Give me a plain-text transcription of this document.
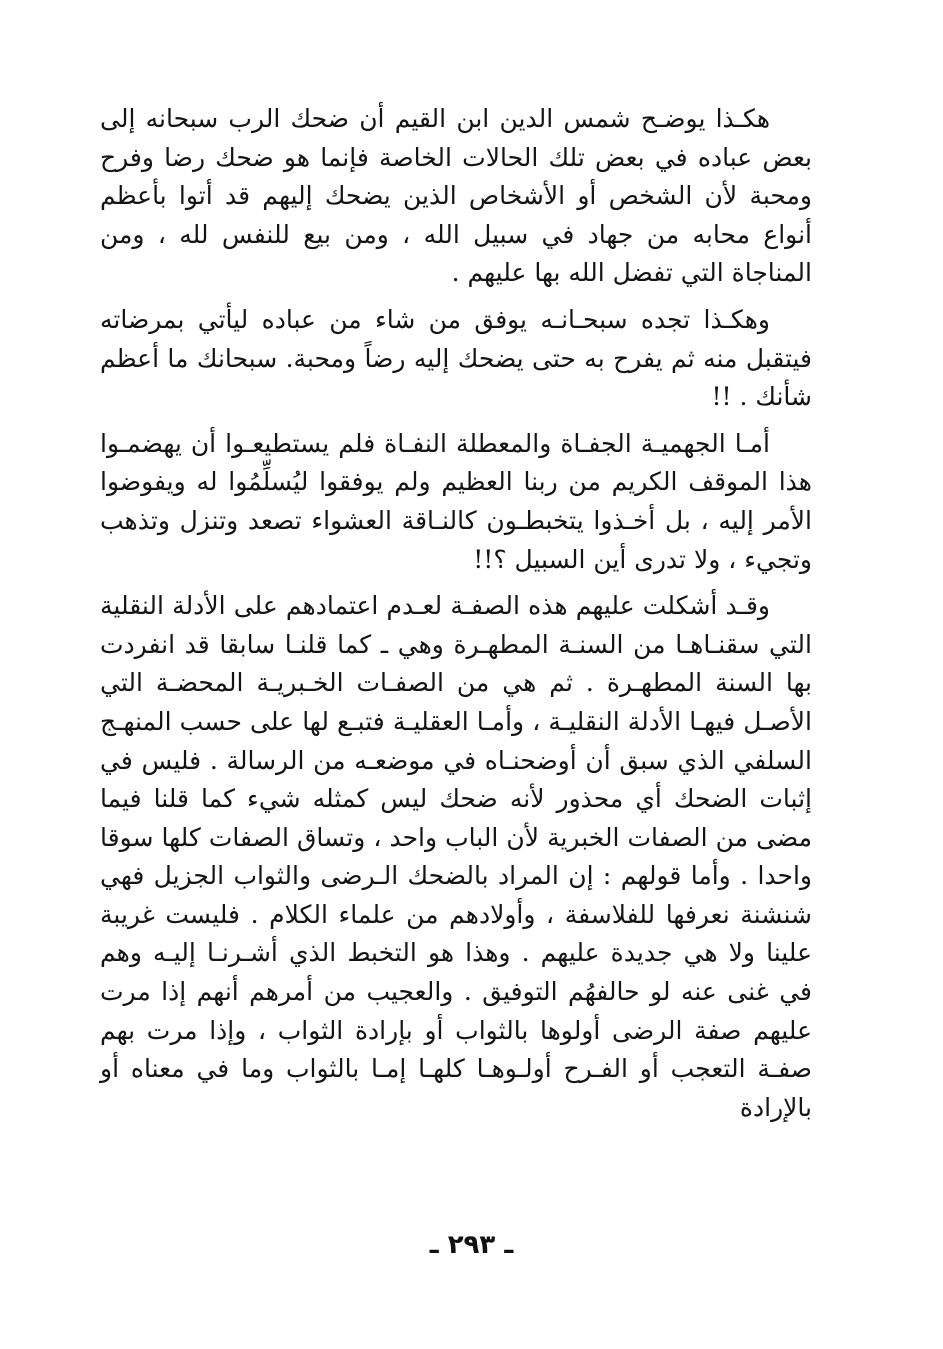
هكـذا يوضـح شمس الدين ابن القيم أن ضحك الرب سبحانه إلى بعض عباده في بعض تلك الحالات الخاصة فإنما هو ضحك رضا وفرح ومحبة لأن الشخص أو الأشخاص الذين يضحك إليهم قد أتوا بأعظم أنواع محابه من جهاد في سبيل الله ، ومن بيع للنفس لله ، ومن المناجاة التي تفضل الله بها عليهم .

وهكـذا تجده سبحـانـه يوفق من شاء من عباده ليأتي بمرضاته فيتقبل منه ثم يفرح به حتى يضحك إليه رضاً ومحبة. سبحانك ما أعظم شأنك . !!

أمـا الجهميـة الجفـاة والمعطلة النفـاة فلم يستطيعـوا أن يهضمـوا هذا الموقف الكريم من ربنا العظيم ولم يوفقوا ليُسلِّمُوا له ويفوضوا الأمر إليه ، بل أخـذوا يتخبطـون كالنـاقة العشواء تصعد وتنزل وتذهب وتجيء ، ولا تدرى أين السبيل ؟!!

وقـد أشكلت عليهم هذه الصفـة لعـدم اعتمادهم على الأدلة النقلية التي سقنـاهـا من السنـة المطهـرة وهي ـ كما قلنـا سابقا قد انفردت بها السنة المطهـرة . ثم هي من الصفـات الخـبريـة المحضـة التي الأصـل فيهـا الأدلة النقليـة ، وأمـا العقليـة فتبـع لها على حسب المنهـج السلفي الذي سبق أن أوضحنـاه في موضعـه من الرسالة . فليس في إثبات الضحك أي محذور لأنه ضحك ليس كمثله شيء كما قلنا فيما مضى من الصفات الخبرية لأن الباب واحد ، وتساق الصفات كلها سوقا واحدا . وأما قولهم : إن المراد بالضحك الـرضى والثواب الجزيل فهي شنشنة نعرفها للفلاسفة ، وأولادهم من علماء الكلام . فليست غريبة علينا ولا هي جديدة عليهم . وهذا هو التخبط الذي أشـرنـا إليـه وهم في غنى عنه لو حالفهُم التوفيق . والعجيب من أمرهم أنهم إذا مرت عليهم صفة الرضى أولوها بالثواب أو بإرادة الثواب ، وإذا مرت بهم صفـة التعجب أو الفـرح أولـوهـا كلهـا إمـا بالثواب وما في معناه أو بالإرادة

ـ ٢٩٣ ـ
